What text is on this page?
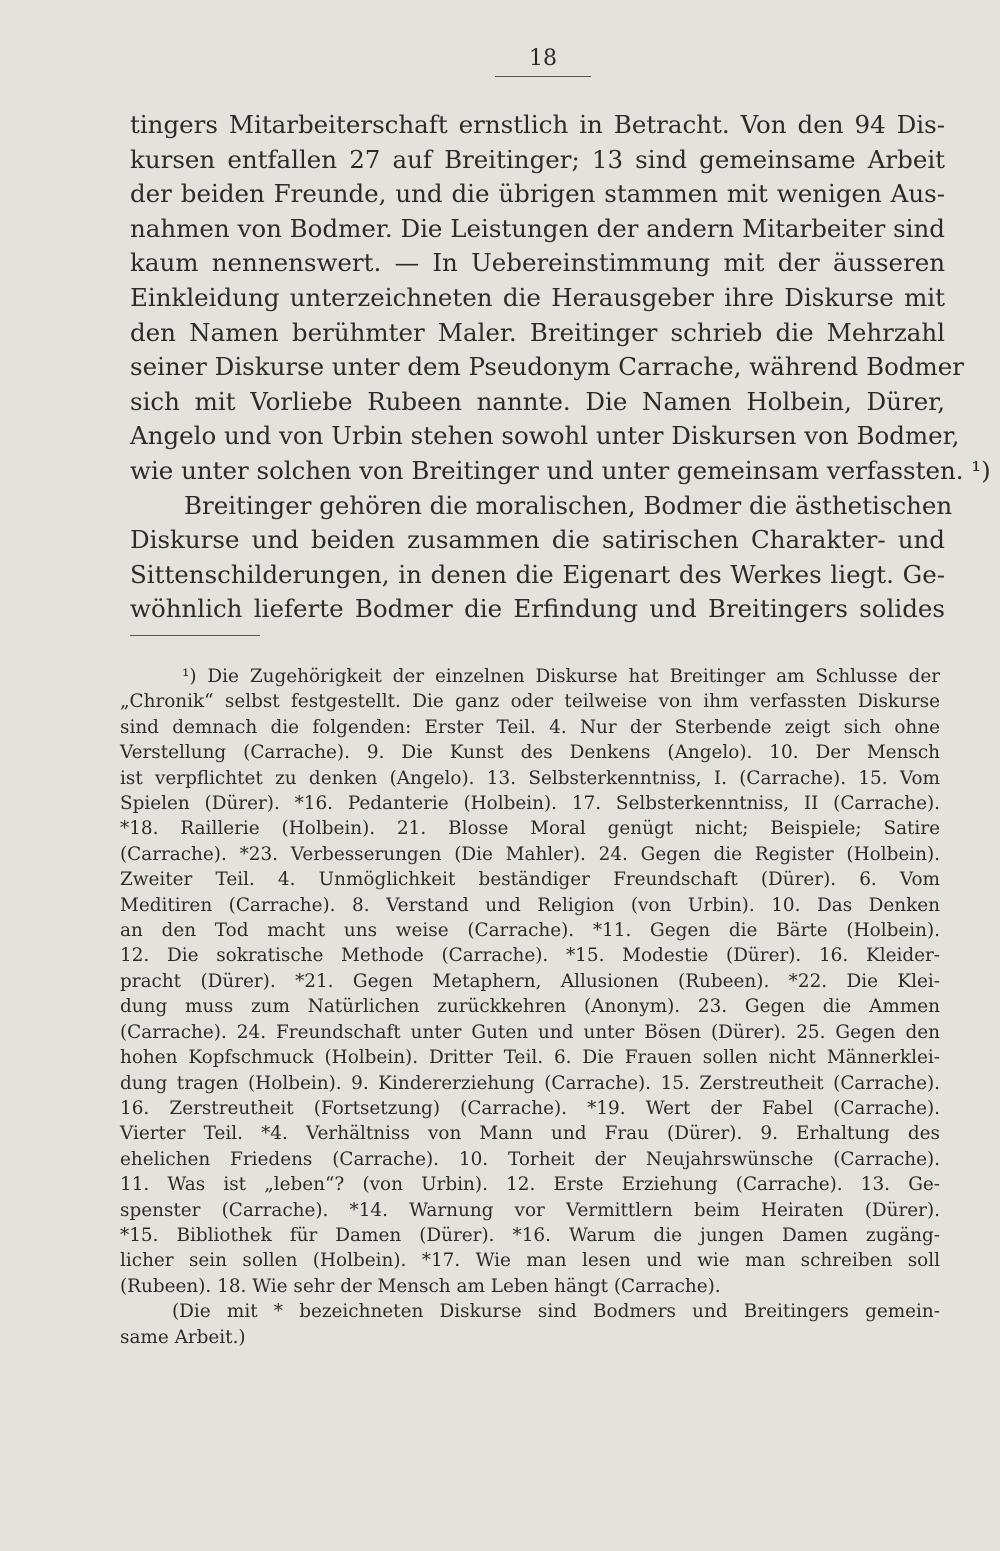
18
tingers Mitarbeiterschaft ernstlich in Betracht. Von den 94 Dis-
kursen entfallen 27 auf Breitinger; 13 sind gemeinsame Arbeit
der beiden Freunde, und die übrigen stammen mit wenigen Aus-
nahmen von Bodmer. Die Leistungen der andern Mitarbeiter sind
kaum nennenswert. — In Uebereinstimmung mit der äusseren
Einkleidung unterzeichneten die Herausgeber ihre Diskurse mit
den Namen berühmter Maler. Breitinger schrieb die Mehrzahl
seiner Diskurse unter dem Pseudonym Carrache, während Bodmer
sich mit Vorliebe Rubeen nannte. Die Namen Holbein, Dürer,
Angelo und von Urbin stehen sowohl unter Diskursen von Bodmer,
wie unter solchen von Breitinger und unter gemeinsam verfassten. ¹)
Breitinger gehören die moralischen, Bodmer die ästhetischen
Diskurse und beiden zusammen die satirischen Charakter- und
Sittenschilderungen, in denen die Eigenart des Werkes liegt. Ge-
wöhnlich lieferte Bodmer die Erfindung und Breitingers solides
¹) Die Zugehörigkeit der einzelnen Diskurse hat Breitinger am Schlusse der
„Chronik“ selbst festgestellt. Die ganz oder teilweise von ihm verfassten Diskurse
sind demnach die folgenden: Erster Teil. 4. Nur der Sterbende zeigt sich ohne
Verstellung (Carrache). 9. Die Kunst des Denkens (Angelo). 10. Der Mensch
ist verpflichtet zu denken (Angelo). 13. Selbsterkenntniss, I. (Carrache). 15. Vom
Spielen (Dürer). *16. Pedanterie (Holbein). 17. Selbsterkenntniss, II (Carrache).
*18. Raillerie (Holbein). 21. Blosse Moral genügt nicht; Beispiele; Satire
(Carrache). *23. Verbesserungen (Die Mahler). 24. Gegen die Register (Holbein).
Zweiter Teil. 4. Unmöglichkeit beständiger Freundschaft (Dürer). 6. Vom
Meditiren (Carrache). 8. Verstand und Religion (von Urbin). 10. Das Denken
an den Tod macht uns weise (Carrache). *11. Gegen die Bärte (Holbein).
12. Die sokratische Methode (Carrache). *15. Modestie (Dürer). 16. Kleider-
pracht (Dürer). *21. Gegen Metaphern, Allusionen (Rubeen). *22. Die Klei-
dung muss zum Natürlichen zurückkehren (Anonym). 23. Gegen die Ammen
(Carrache). 24. Freundschaft unter Guten und unter Bösen (Dürer). 25. Gegen den
hohen Kopfschmuck (Holbein). Dritter Teil. 6. Die Frauen sollen nicht Männerklei-
dung tragen (Holbein). 9. Kindererziehung (Carrache). 15. Zerstreutheit (Carrache).
16. Zerstreutheit (Fortsetzung) (Carrache). *19. Wert der Fabel (Carrache).
Vierter Teil. *4. Verhältniss von Mann und Frau (Dürer). 9. Erhaltung des
ehelichen Friedens (Carrache). 10. Torheit der Neujahrswünsche (Carrache).
11. Was ist „leben“? (von Urbin). 12. Erste Erziehung (Carrache). 13. Ge-
spenster (Carrache). *14. Warnung vor Vermittlern beim Heiraten (Dürer).
*15. Bibliothek für Damen (Dürer). *16. Warum die jungen Damen zugäng-
licher sein sollen (Holbein). *17. Wie man lesen und wie man schreiben soll
(Rubeen). 18. Wie sehr der Mensch am Leben hängt (Carrache).
(Die mit * bezeichneten Diskurse sind Bodmers und Breitingers gemein-
same Arbeit.)
